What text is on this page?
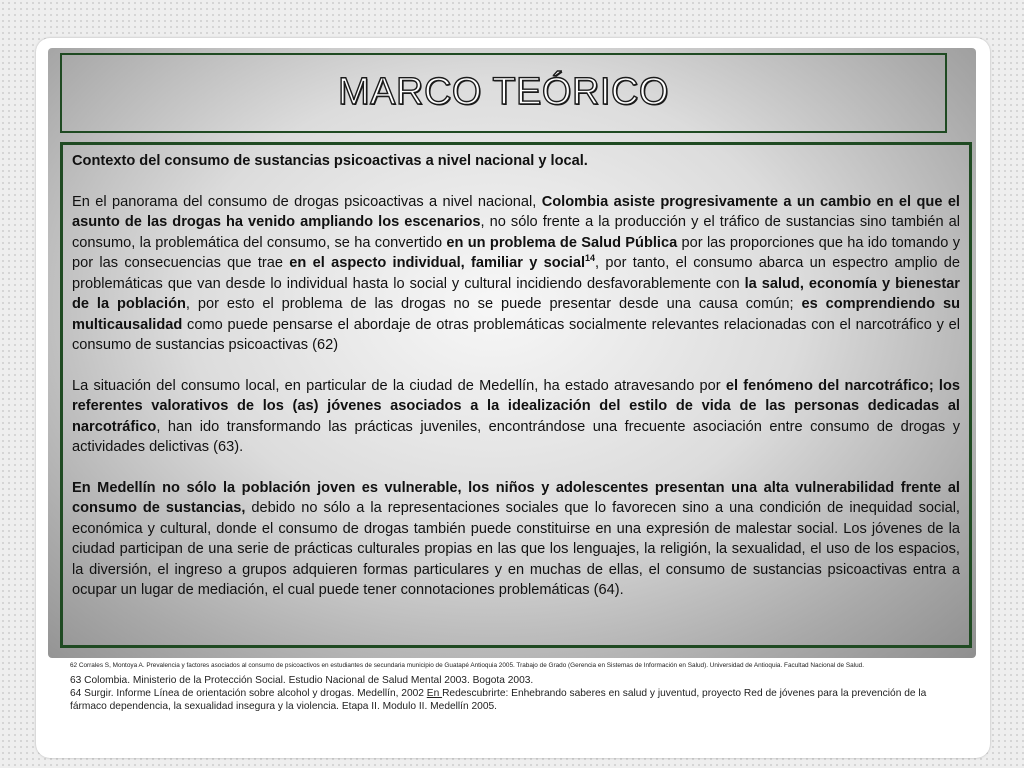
MARCO TEÓRICO

Contexto del consumo de sustancias psicoactivas a nivel nacional y local.

En el panorama del consumo de drogas psicoactivas a nivel nacional, Colombia asiste progresivamente a un cambio en el que el asunto de las drogas ha venido ampliando los escenarios, no sólo frente a la producción y el tráfico de sustancias sino también al consumo, la problemática del consumo, se ha convertido en un problema de Salud Pública por las proporciones que ha ido tomando y por las consecuencias que trae en el aspecto individual, familiar y social$^{14}$, por tanto, el consumo abarca un espectro amplio de problemáticas que van desde lo individual hasta lo social y cultural incidiendo desfavorablemente con la salud, economía y bienestar de la población, por esto el problema de las drogas no se puede presentar desde una causa común; es comprendiendo su multicausalidad como puede pensarse el abordaje de otras problemáticas socialmente relevantes relacionadas con el narcotráfico y el consumo de sustancias psicoactivas (62)

La situación del consumo local, en particular de la ciudad de Medellín, ha estado atravesando por el fenómeno del narcotráfico; los referentes valorativos de los (as) jóvenes asociados a la idealización del estilo de vida de las personas dedicadas al narcotráfico, han ido transformando las prácticas juveniles, encontrándose una frecuente asociación entre consumo de drogas y actividades delictivas (63).

En Medellín no sólo la población joven es vulnerable, los niños y adolescentes presentan una alta vulnerabilidad frente al consumo de sustancias, debido no sólo a la representaciones sociales que lo favorecen sino a una condición de inequidad social, económica y cultural, donde el consumo de drogas también puede constituirse en una expresión de malestar social. Los jóvenes de la ciudad participan de una serie de prácticas culturales propias en las que los lenguajes, la religión, la sexualidad, el uso de los espacios, la diversión, el ingreso a grupos adquieren formas particulares y en muchas de ellas, el consumo de sustancias psicoactivas entra a ocupar un lugar de mediación, el cual puede tener connotaciones problemáticas (64).

62 Corrales S, Montoya A. Prevalencia y factores asociados al consumo de psicoactivos en estudiantes de secundaria municipio de Guatapé Antioquia 2005. Trabajo de Grado (Gerencia en Sistemas de Información en Salud). Universidad de Antioquia. Facultad Nacional de Salud.

63 Colombia. Ministerio de la Protección Social. Estudio Nacional de Salud Mental 2003. Bogota 2003.

64 Surgir. Informe Línea de orientación sobre alcohol y drogas. Medellín, 2002 En Redescubrirte: Enhebrando saberes en salud y juventud, proyecto Red de jóvenes para la prevención de la fármaco dependencia, la sexualidad insegura y la violencia. Etapa II. Modulo II. Medellín 2005.
